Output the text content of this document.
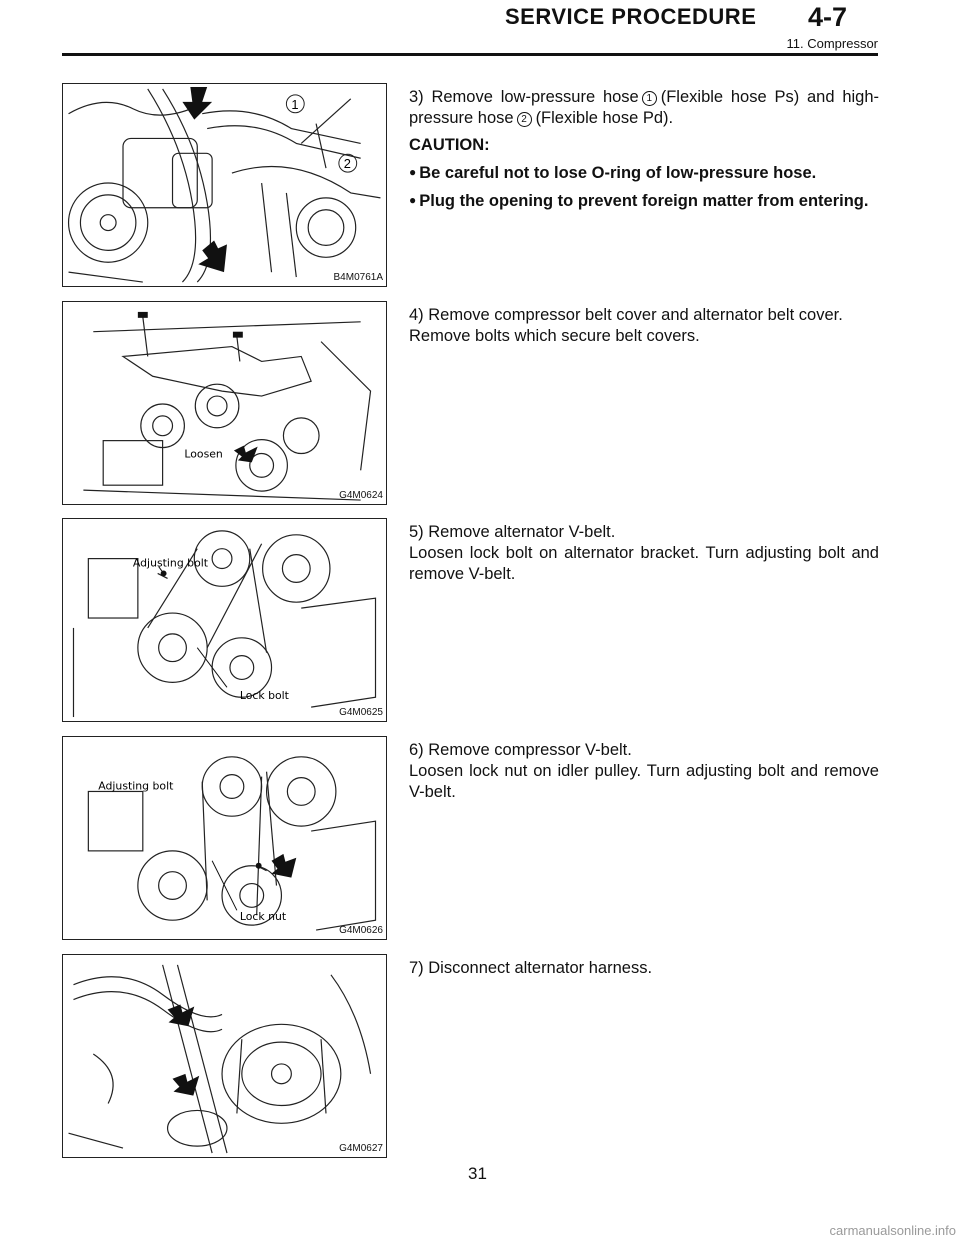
SERVICE PROCEDURE 4-7
11. Compressor
1
2
B4M0761A

3) Remove low-pressure hose 1 (Flexible hose Ps) and high-pressure hose 2 (Flexible hose Pd).

CAUTION:

● Be careful not to lose O-ring of low-pressure hose.

● Plug the opening to prevent foreign matter from entering.

Loosen
G4M0624

4) Remove compressor belt cover and alternator belt cover.

Remove bolts which secure belt covers.

Adjusting bolt
Lock bolt
G4M0625

5) Remove alternator V-belt.

Loosen lock bolt on alternator bracket. Turn adjusting bolt and remove V-belt.

Adjusting bolt
Lock nut
G4M0626

6) Remove compressor V-belt.

Loosen lock nut on idler pulley. Turn adjusting bolt and remove V-belt.

G4M0627

7) Disconnect alternator harness.

31
carmanualsonline.info
